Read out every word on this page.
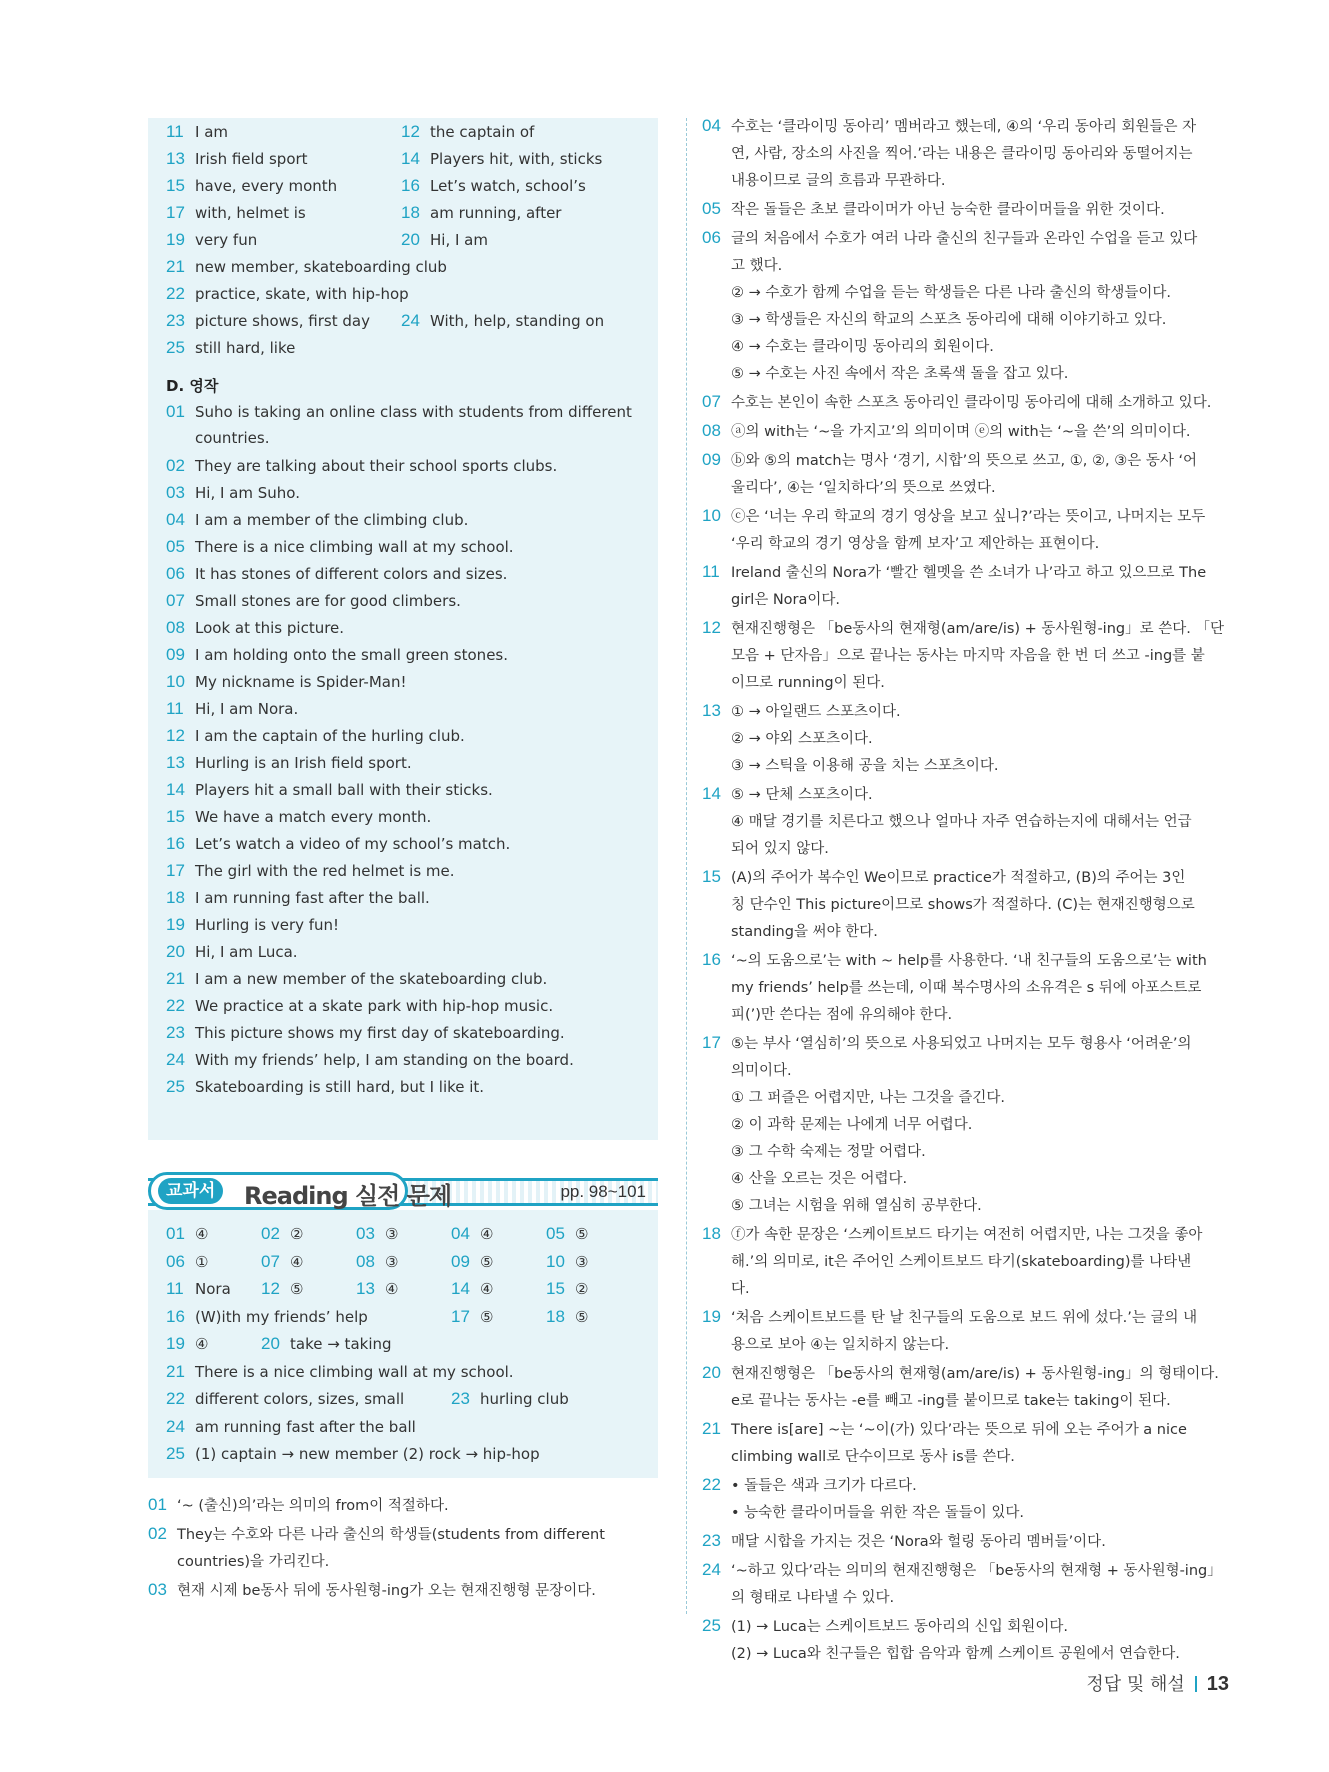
11 I am	12 the captain of
13 Irish field sport	14 Players hit, with, sticks
15 have, every month	16 Let’s watch, school’s
17 with, helmet is	18 am running, after
19 very fun	20 Hi, I am
21 new member, skateboarding club
22 practice, skate, with hip-hop
23 picture shows, first day 24 With, help, standing on
25 still hard, like
D. 영작
01 Suho is taking an online class with students from different
countries.
02 They are talking about their school sports clubs.
03 Hi, I am Suho.
04 I am a member of the climbing club.
05 There is a nice climbing wall at my school.
06 It has stones of different colors and sizes.
07 Small stones are for good climbers.
08 Look at this picture.
09 I am holding onto the small green stones.
10 My nickname is Spider-Man!
11 Hi, I am Nora.
12 I am the captain of the hurling club.
13 Hurling is an Irish field sport.
14 Players hit a small ball with their sticks.
15 We have a match every month.
16 Let’s watch a video of my school’s match.
17 The girl with the red helmet is me.
18 I am running fast after the ball.
19 Hurling is very fun!
20 Hi, I am Luca.
21 I am a new member of the skateboarding club.
22 We practice at a skate park with hip-hop music.
23 This picture shows my first day of skateboarding.
24 With my friends’ help, I am standing on the board.
25 Skateboarding is still hard, but I like it.
교과서	Reading 실전 문제	pp. 98~101
01 ④	02 ②	03 ③	04 ④	05 ⑤
06 ①	07 ④	08 ③	09 ⑤	10 ③
11 Nora 12 ⑤	13 ④	14 ④	15 ②
16 (W)ith my friends’ help	17 ⑤	18 ⑤
19 ④	20 take → taking
21 There is a nice climbing wall at my school.
22 different colors, sizes, small	23 hurling club
24 am running fast after the ball
25 (1) captain → new member (2) rock → hip-hop
01 ‘~ (출신)의’라는 의미의 from이 적절하다.
02 They는 수호와 다른 나라 출신의 학생들(students from different
countries)을 가리킨다.
03 현재 시제 be동사 뒤에 동사원형-ing가 오는 현재진행형 문장이다.
04 수호는 ‘클라이밍 동아리’ 멤버라고 했는데, ④의 ‘우리 동아리 회원들은 자
연, 사람, 장소의 사진을 찍어.’라는 내용은 클라이밍 동아리와 동떨어지는
내용이므로 글의 흐름과 무관하다.
05 작은 돌들은 초보 클라이머가 아닌 능숙한 클라이머들을 위한 것이다.
06 글의 처음에서 수호가 여러 나라 출신의 친구들과 온라인 수업을 듣고 있다
고 했다.
② → 수호가 함께 수업을 듣는 학생들은 다른 나라 출신의 학생들이다.
③ → 학생들은 자신의 학교의 스포츠 동아리에 대해 이야기하고 있다.
④ → 수호는 클라이밍 동아리의 회원이다.
⑤ → 수호는 사진 속에서 작은 초록색 돌을 잡고 있다.
07 수호는 본인이 속한 스포츠 동아리인 클라이밍 동아리에 대해 소개하고 있다.
08 ⓐ의 with는 ‘~을 가지고’의 의미이며 ⓔ의 with는 ‘~을 쓴’의 의미이다.
09 ⓑ와 ⑤의 match는 명사 ‘경기, 시합’의 뜻으로 쓰고, ①, ②, ③은 동사 ‘어
울리다’, ④는 ‘일치하다’의 뜻으로 쓰였다.
10 ⓒ은 ‘너는 우리 학교의 경기 영상을 보고 싶니?’라는 뜻이고, 나머지는 모두
‘우리 학교의 경기 영상을 함께 보자’고 제안하는 표현이다.
11 Ireland 출신의 Nora가 ‘빨간 헬멧을 쓴 소녀가 나’라고 하고 있으므로 The
girl은 Nora이다.
12 현재진행형은 「be동사의 현재형(am/are/is) + 동사원형-ing」로 쓴다. 「단
모음 + 단자음」으로 끝나는 동사는 마지막 자음을 한 번 더 쓰고 -ing를 붙
이므로 running이 된다.
13 ① → 아일랜드 스포츠이다.
② → 야외 스포츠이다.
③ → 스틱을 이용해 공을 치는 스포츠이다.
14 ⑤ → 단체 스포츠이다.
④ 매달 경기를 치른다고 했으나 얼마나 자주 연습하는지에 대해서는 언급
되어 있지 않다.
15 (A)의 주어가 복수인 We이므로 practice가 적절하고, (B)의 주어는 3인
칭 단수인 This picture이므로 shows가 적절하다. (C)는 현재진행형으로
standing을 써야 한다.
16 ‘~의 도움으로’는 with ~ help를 사용한다. ‘내 친구들의 도움으로’는 with
my friends’ help를 쓰는데, 이때 복수명사의 소유격은 s 뒤에 아포스트로
피(’)만 쓴다는 점에 유의해야 한다.
17 ⑤는 부사 ‘열심히’의 뜻으로 사용되었고 나머지는 모두 형용사 ‘어려운’의
의미이다.
① 그 퍼즐은 어렵지만, 나는 그것을 즐긴다.
② 이 과학 문제는 나에게 너무 어렵다.
③ 그 수학 숙제는 정말 어렵다.
④ 산을 오르는 것은 어렵다.
⑤ 그녀는 시험을 위해 열심히 공부한다.
18 ⓕ가 속한 문장은 ‘스케이트보드 타기는 여전히 어렵지만, 나는 그것을 좋아
해.’의 의미로, it은 주어인 스케이트보드 타기(skateboarding)를 나타낸
다.
19 ‘처음 스케이트보드를 탄 날 친구들의 도움으로 보드 위에 섰다.’는 글의 내
용으로 보아 ④는 일치하지 않는다.
20 현재진행형은 「be동사의 현재형(am/are/is) + 동사원형-ing」의 형태이다.
e로 끝나는 동사는 -e를 빼고 -ing를 붙이므로 take는 taking이 된다.
21 There is[are] ~는 ‘~이(가) 있다’라는 뜻으로 뒤에 오는 주어가 a nice
climbing wall로 단수이므로 동사 is를 쓴다.
22 • 돌들은 색과 크기가 다르다.
• 능숙한 클라이머들을 위한 작은 돌들이 있다.
23 매달 시합을 가지는 것은 ‘Nora와 헐링 동아리 멤버들’이다.
24 ‘~하고 있다’라는 의미의 현재진행형은 「be동사의 현재형 + 동사원형-ing」
의 형태로 나타낼 수 있다.
25 (1) → Luca는 스케이트보드 동아리의 신입 회원이다.
(2) → Luca와 친구들은 힙합 음악과 함께 스케이트 공원에서 연습한다.
정답 및 해설 13
